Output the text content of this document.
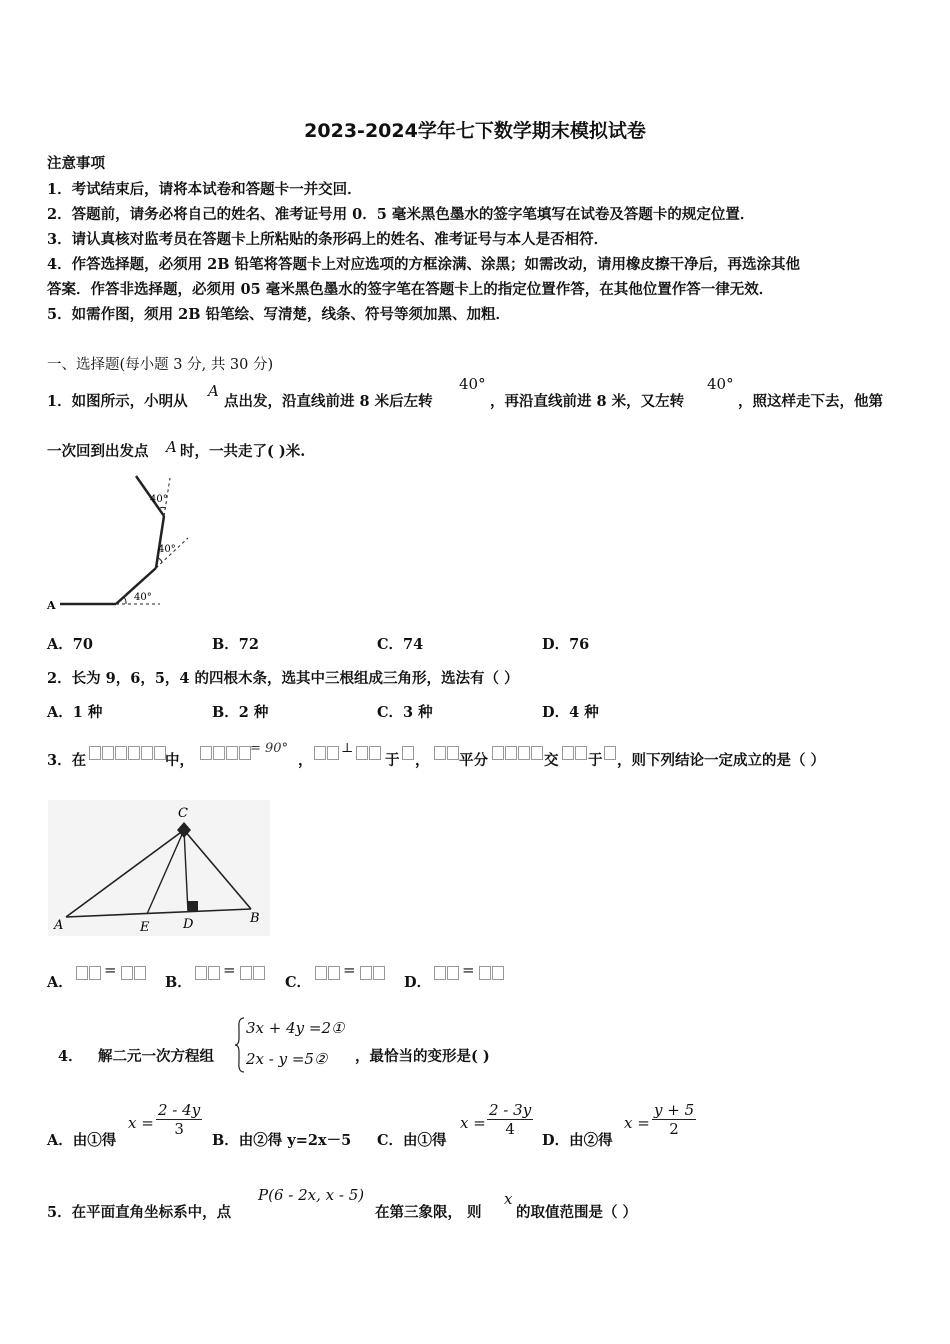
2023-2024学年七下数学期末模拟试卷
注意事项
1．考试结束后，请将本试卷和答题卡一并交回．
2．答题前，请务必将自己的姓名、准考证号用 0．5 毫米黑色墨水的签字笔填写在试卷及答题卡的规定位置．
3．请认真核对监考员在答题卡上所粘贴的条形码上的姓名、准考证号与本人是否相符．
4．作答选择题，必须用 2B 铅笔将答题卡上对应选项的方框涂满、涂黑；如需改动，请用橡皮擦干净后，再选涂其他
答案．作答非选择题，必须用 05 毫米黑色墨水的签字笔在答题卡上的指定位置作答，在其他位置作答一律无效．
5．如需作图，须用 2B 铅笔绘、写清楚，线条、符号等须加黑、加粗．
一、选择题(每小题 3 分, 共 30 分)
1．如图所示，小明从
A
点出发，沿直线前进 8 米后左转
40°
，再沿直线前进 8 米，又左转
40°
，照这样走下去，他第
一次回到出发点 A 时，一共走了( )米.
A
40°
40°
40°
A．70	B．72	C．74	D．76
2．长为 9，6，5，4 的四根木条，选其中三根组成三角形，选法有（ ）
A．1 种	B．2 种	C．3 种	D．4 种
3．在	中，
= 90°
，
⊥
于 ， 平分	交 于 ，则下列结论一定成立的是（ ）
C
A	E	D	B
A．
=
B．
=
C．
=
D．
=
4． 解二元一次方程组
3x + 4y =2①
2x - y =5② ，最恰当的变形是( )
A．由①得
$x = \frac{2 - 4y}{3}$
B．由②得 y=2x－5 C．由①得
$x = \frac{2 - 3y}{4}$
D．由②得
$x = \frac{y + 5}{2}$
5．在平面直角坐标系中，点
P(6 - 2x, x - 5)
在第三象限， 则
x
的取值范围是（ ）
